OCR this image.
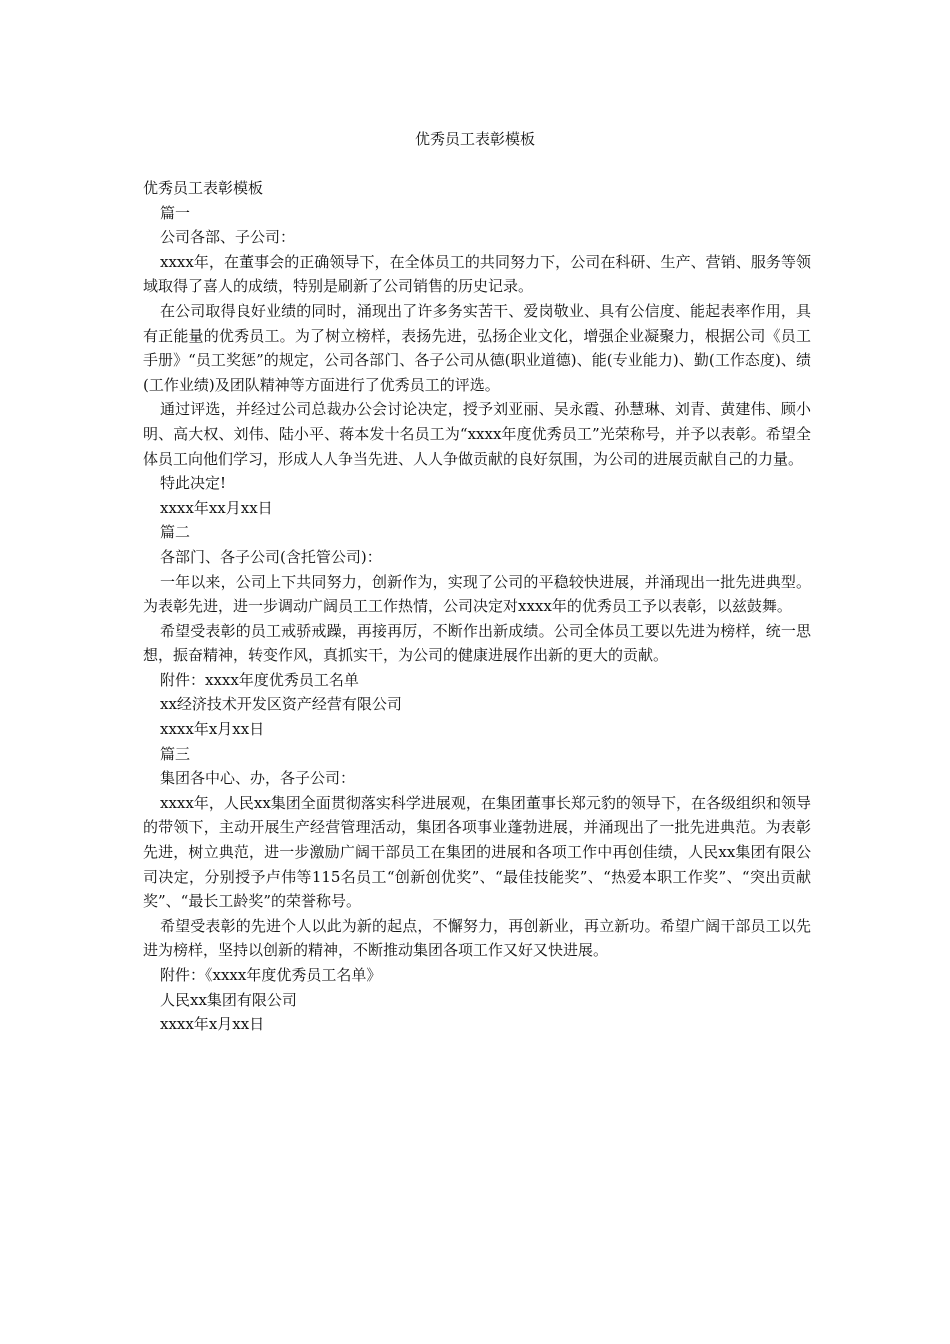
优秀员工表彰模板

优秀员工表彰模板

篇一

公司各部、子公司：

xxxx年，在董事会的正确领导下，在全体员工的共同努力下，公司在科研、生产、营销、服务等领域取得了喜人的成绩，特别是刷新了公司销售的历史记录。

在公司取得良好业绩的同时，涌现出了许多务实苦干、爱岗敬业、具有公信度、能起表率作用，具有正能量的优秀员工。为了树立榜样，表扬先进，弘扬企业文化，增强企业凝聚力，根据公司《员工手册》“员工奖惩”的规定，公司各部门、各子公司从德(职业道德)、能(专业能力)、勤(工作态度)、绩(工作业绩)及团队精神等方面进行了优秀员工的评选。

通过评选，并经过公司总裁办公会讨论决定，授予刘亚丽、吴永霞、孙慧琳、刘青、黄建伟、顾小明、高大权、刘伟、陆小平、蒋本发十名员工为“xxxx年度优秀员工”光荣称号，并予以表彰。希望全体员工向他们学习，形成人人争当先进、人人争做贡献的良好氛围，为公司的进展贡献自己的力量。

特此决定!

xxxx年xx月xx日

篇二

各部门、各子公司(含托管公司)：

一年以来，公司上下共同努力，创新作为，实现了公司的平稳较快进展，并涌现出一批先进典型。为表彰先进，进一步调动广阔员工工作热情，公司决定对xxxx年的优秀员工予以表彰，以兹鼓舞。

希望受表彰的员工戒骄戒躁，再接再厉，不断作出新成绩。公司全体员工要以先进为榜样，统一思想，振奋精神，转变作风，真抓实干，为公司的健康进展作出新的更大的贡献。

附件：xxxx年度优秀员工名单

xx经济技术开发区资产经营有限公司

xxxx年x月xx日

篇三

集团各中心、办，各子公司：

xxxx年，人民xx集团全面贯彻落实科学进展观，在集团董事长郑元豹的领导下，在各级组织和领导的带领下，主动开展生产经营管理活动，集团各项事业蓬勃进展，并涌现出了一批先进典范。为表彰先进，树立典范，进一步激励广阔干部员工在集团的进展和各项工作中再创佳绩，人民xx集团有限公司决定，分别授予卢伟等115名员工“创新创优奖”、“最佳技能奖”、“热爱本职工作奖”、“突出贡献奖”、“最长工龄奖”的荣誉称号。

希望受表彰的先进个人以此为新的起点，不懈努力，再创新业，再立新功。希望广阔干部员工以先进为榜样，坚持以创新的精神，不断推动集团各项工作又好又快进展。

附件：《xxxx年度优秀员工名单》

人民xx集团有限公司

xxxx年x月xx日
